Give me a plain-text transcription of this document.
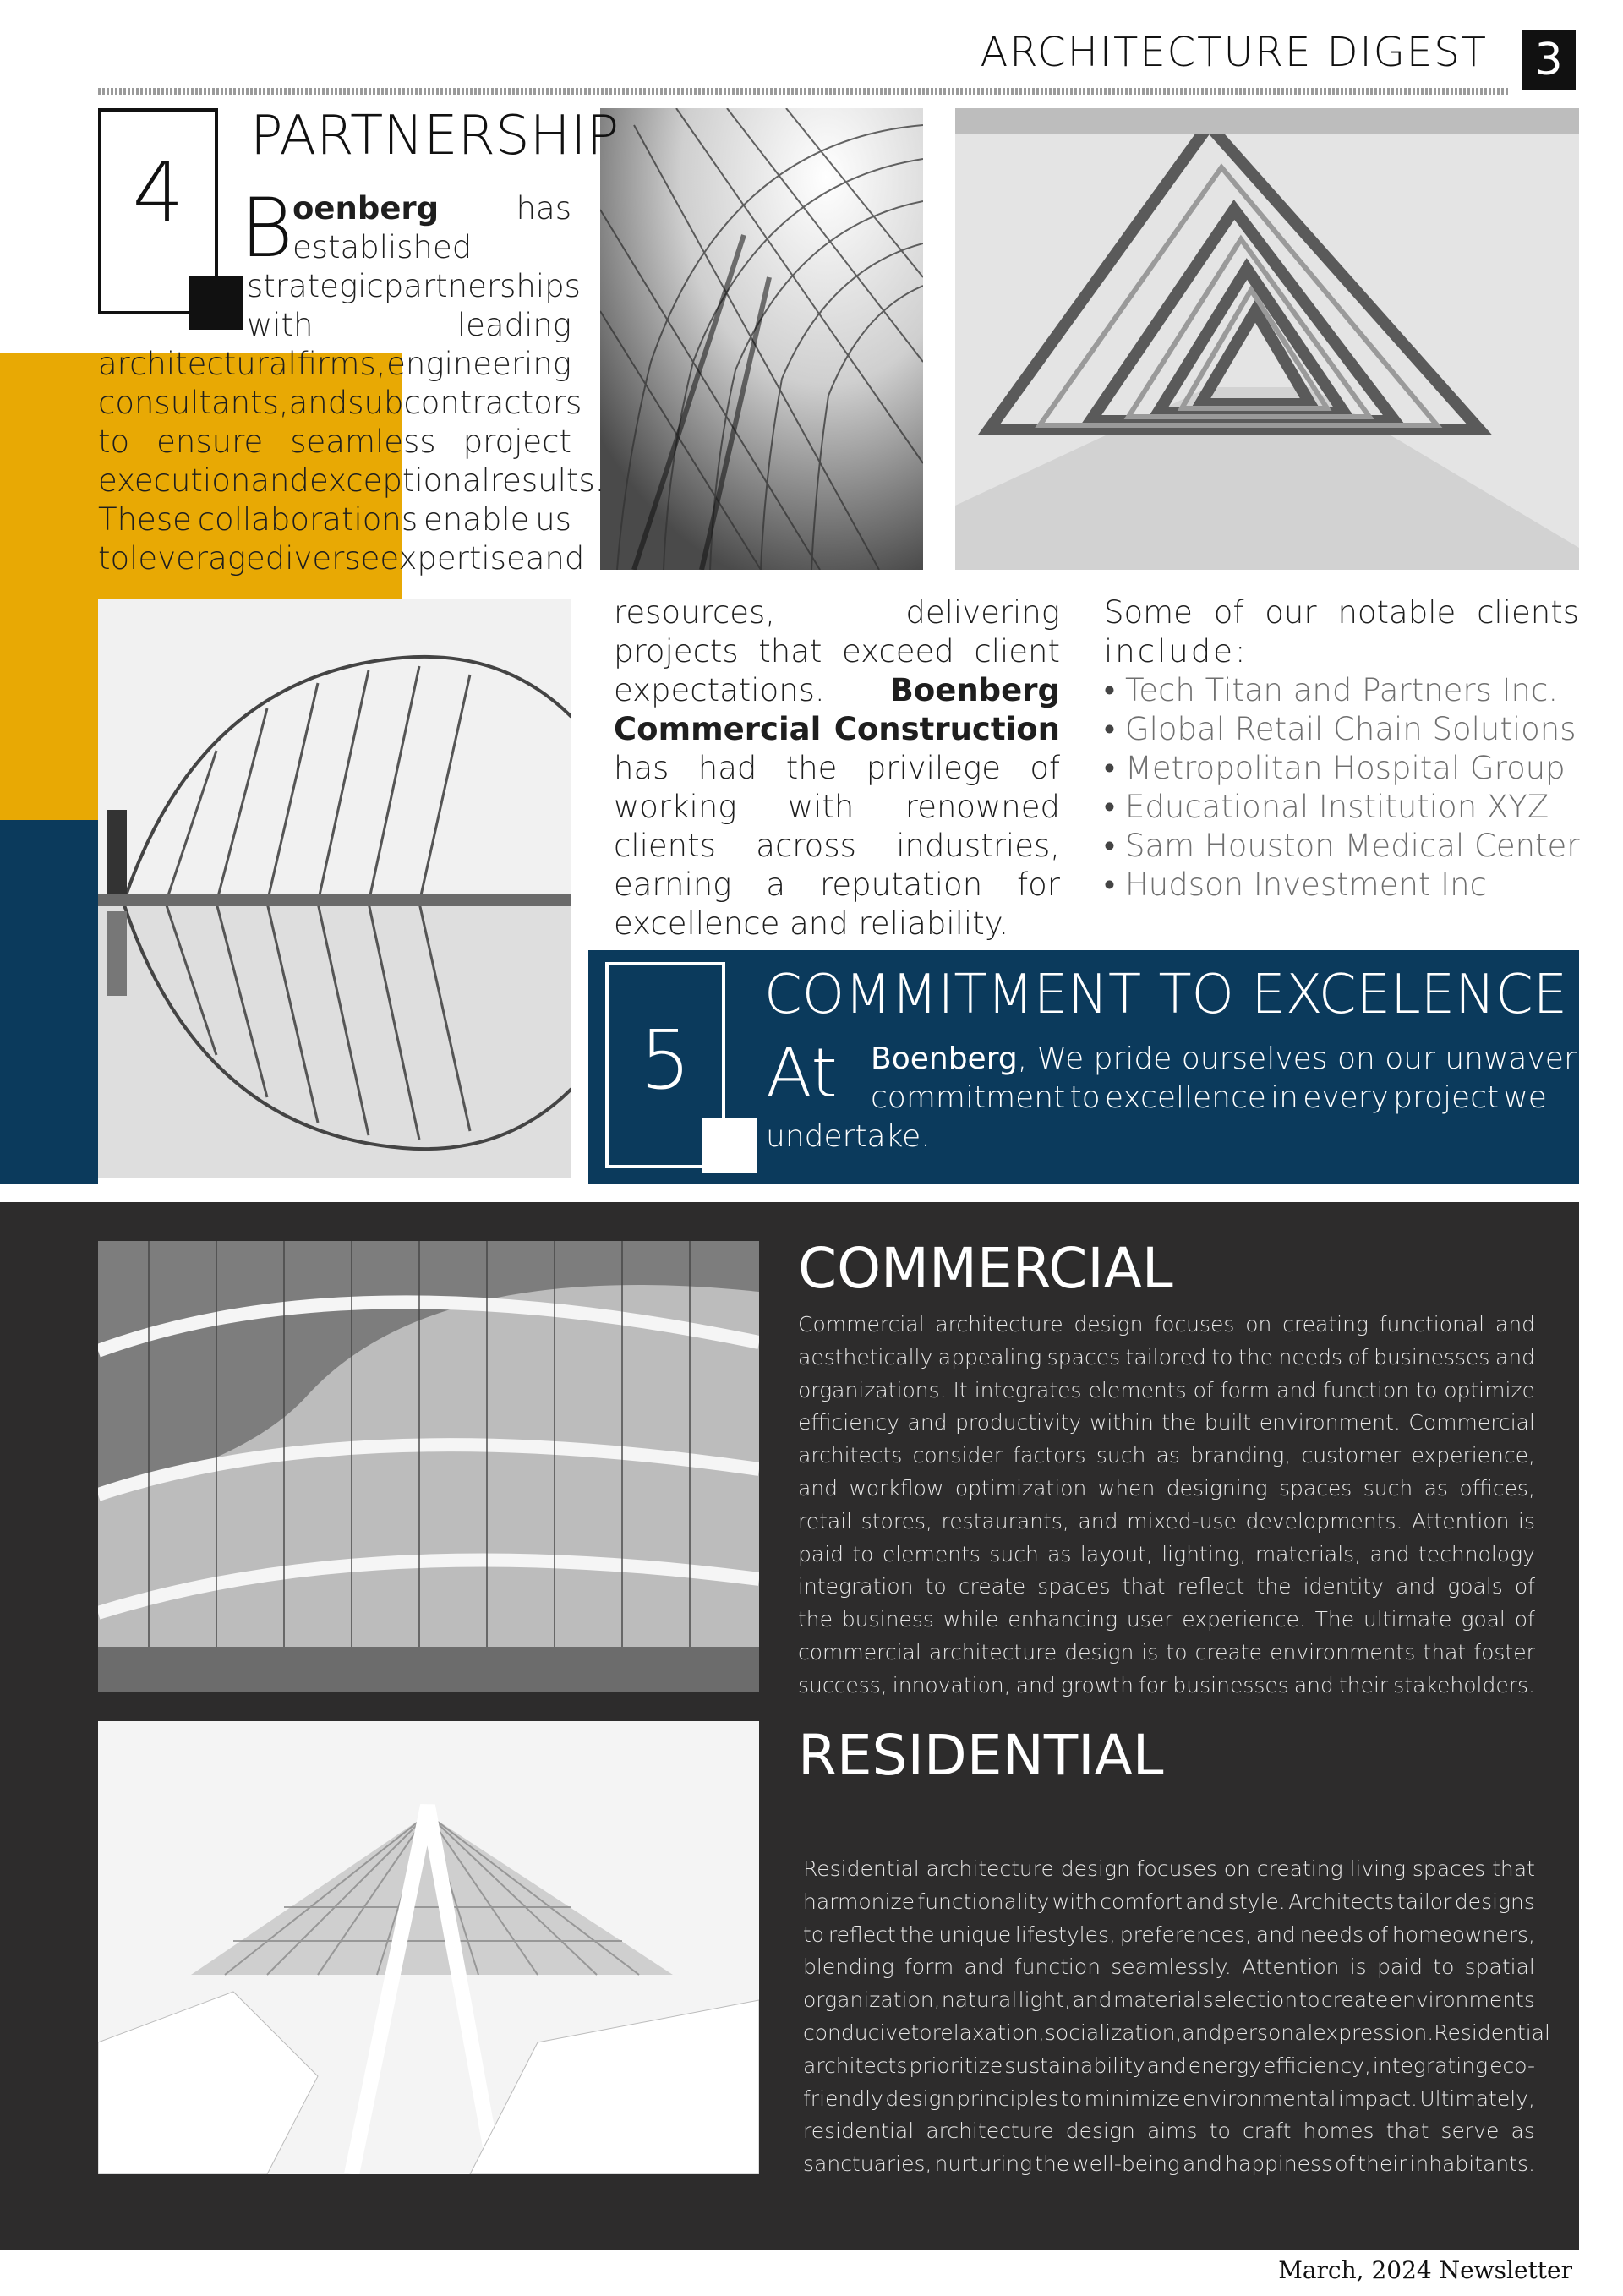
ARCHITECTURE DIGEST 3
4
PARTNERSHIP
B oenberg has
established
strategic partnerships
with	leading
architectural firms, engineering
consultants, and subcontractors
to ensure seamless project
execution and exceptional results.
These collaborations enable us
to leverage diverse expertise and

resources, delivering projects that exceed client expectations. Boenberg Commercial Construction has had the privilege of working with renowned clients across industries, earning a reputation for excellence and reliability.

Some of our notable clients

include:

• Tech Titan and Partners Inc.
• Global Retail Chain Solutions
• Metropolitan Hospital Group
• Educational Institution XYZ
• Sam Houston Medical Center
• Hudson Investment Inc
5
COMMITMENT TO EXCELENCE
At Boenberg, We pride ourselves on our unwavering
commitment to excellence in every project we
undertake.
COMMERCIAL
Commercial architecture design focuses on creating functional and
aesthetically appealing spaces tailored to the needs of businesses and
organizations. It integrates elements of form and function to optimize
efficiency and productivity within the built environment. Commercial
architects consider factors such as branding, customer experience,
and workflow optimization when designing spaces such as offices,
retail stores, restaurants, and mixed-use developments. Attention is
paid to elements such as layout, lighting, materials, and technology
integration to create spaces that reflect the identity and goals of
the business while enhancing user experience. The ultimate goal of
commercial architecture design is to create environments that foster
success, innovation, and growth for businesses and their stakeholders.
RESIDENTIAL
Residential architecture design focuses on creating living spaces that
harmonize functionality with comfort and style. Architects tailor designs
to reflect the unique lifestyles, preferences, and needs of homeowners,
blending form and function seamlessly. Attention is paid to spatial
organization, natural light, and material selection to create environments
conducive to relaxation, socialization, and personal expression. Residential
architects prioritize sustainability and energy efficiency, integrating eco-
friendly design principles to minimize environmental impact. Ultimately,
residential architecture design aims to craft homes that serve as
sanctuaries, nurturing the well-being and happiness of their inhabitants.
March, 2024 Newsletter
